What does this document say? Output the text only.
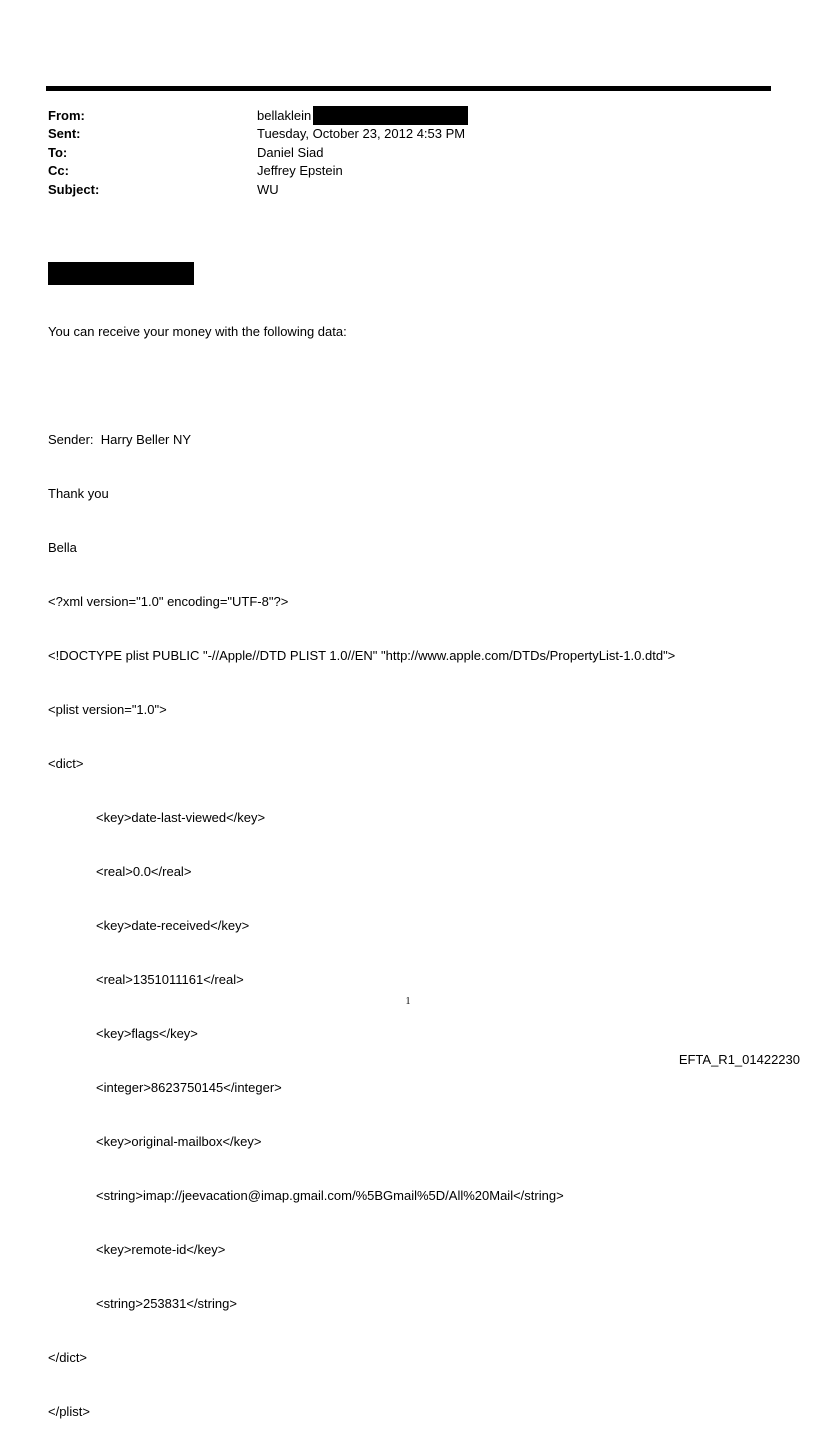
From:	bellaklein
Sent:	Tuesday, October 23, 2012 4:53 PM
To:	Daniel Siad
Cc:	Jeffrey Epstein
Subject:	WU

You can receive your money with the following data:

Sender:  Harry Beller NY

Thank you

Bella

<?xml version="1.0" encoding="UTF-8"?>

<!DOCTYPE plist PUBLIC "-//Apple//DTD PLIST 1.0//EN" "http://www.apple.com/DTDs/PropertyList-1.0.dtd">

<plist version="1.0">

<dict>

<key>date-last-viewed</key>

<real>0.0</real>

<key>date-received</key>

<real>1351011161</real>

<key>flags</key>

<integer>8623750145</integer>

<key>original-mailbox</key>

<string>imap://jeevacation@imap.gmail.com/%5BGmail%5D/All%20Mail</string>

<key>remote-id</key>

<string>253831</string>

</dict>

</plist>

1
EFTA_R1_01422230
